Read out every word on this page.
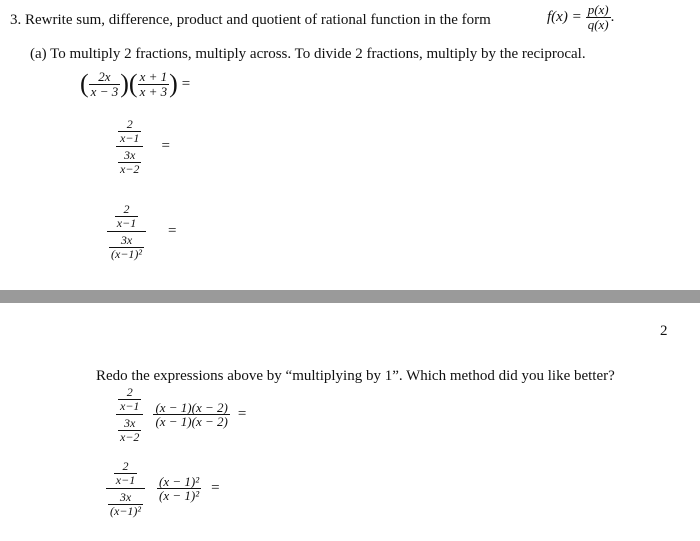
3. Rewrite sum, difference, product and quotient of rational function in the form	$f(x) = \frac{p(x)}{q(x)}$ .
(a) To multiply 2 fractions, multiply across. To divide 2 fractions, multiply by the reciprocal.
( $\frac{2x}{x - 3}$ ) ( $\frac{x + 1}{x + 3}$ ) =
$\frac{\frac{2}{x-1}}{\frac{3x}{x-2}}$ =
$\frac{\frac{2}{x-1}}{\frac{3x}{\text{(x−1)²}}}$ =
2
Redo the expressions above by “multiplying by 1”. Which method did you like better?
$\frac{\frac{2}{x-1}}{\frac{3x}{x-2}} \frac{(x - 1)(x - 2)}{(x - 1)(x - 2)}$ =
$\frac{\frac{2}{x-1}}{\frac{3x}{\text{(x−1)²}}} \frac{\text{(x − 1)²}}{\text{(x − 1)²}}$ =
